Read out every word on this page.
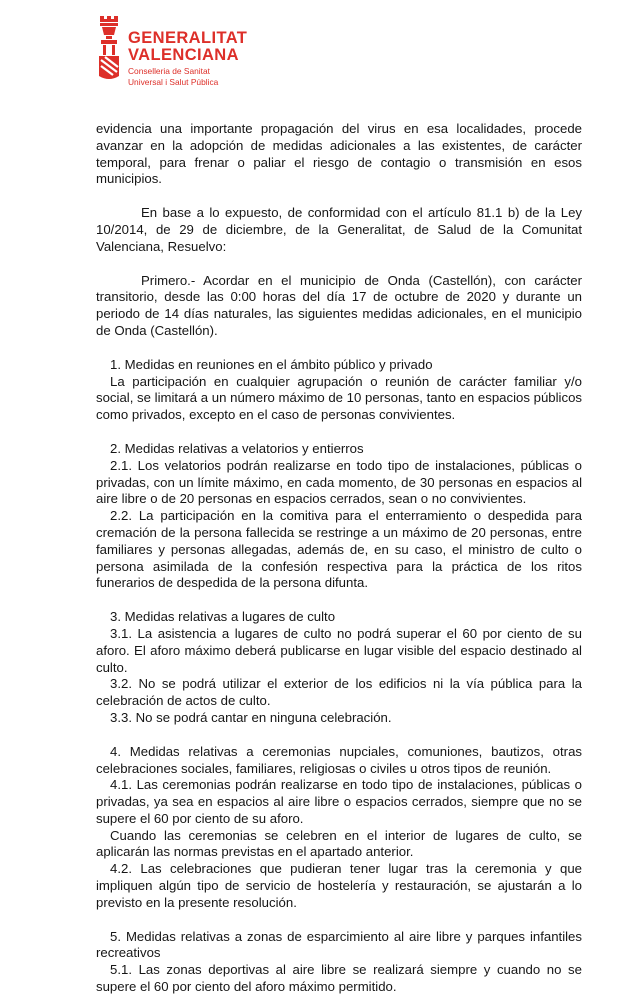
GENERALITAT
VALENCIANA
Conselleria de Sanitat
Universal i Salut Pública

evidencia una importante propagación del virus en esa localidades, procede avanzar en la adopción de medidas adicionales a las existentes, de carácter temporal, para frenar o paliar el riesgo de contagio o transmisión en esos municipios.

En base a lo expuesto, de conformidad con el artículo 81.1 b) de la Ley 10/2014, de 29 de diciembre, de la Generalitat, de Salud de la Comunitat Valenciana, Resuelvo:

Primero.- Acordar en el municipio de Onda (Castellón), con carácter transitorio, desde las 0:00 horas del día 17 de octubre de 2020 y durante un periodo de 14 días naturales, las siguientes medidas adicionales, en el municipio de Onda (Castellón).

1. Medidas en reuniones en el ámbito público y privado

La participación en cualquier agrupación o reunión de carácter familiar y/o social, se limitará a un número máximo de 10 personas, tanto en espacios públicos como privados, excepto en el caso de personas convivientes.

2. Medidas relativas a velatorios y entierros

2.1. Los velatorios podrán realizarse en todo tipo de instalaciones, públicas o privadas, con un límite máximo, en cada momento, de 30 personas en espacios al aire libre o de 20 personas en espacios cerrados, sean o no convivientes.

2.2. La participación en la comitiva para el enterramiento o despedida para cremación de la persona fallecida se restringe a un máximo de 20 personas, entre familiares y personas allegadas, además de, en su caso, el ministro de culto o persona asimilada de la confesión respectiva para la práctica de los ritos funerarios de despedida de la persona difunta.

3. Medidas relativas a lugares de culto

3.1. La asistencia a lugares de culto no podrá superar el 60 por ciento de su aforo. El aforo máximo deberá publicarse en lugar visible del espacio destinado al culto.

3.2. No se podrá utilizar el exterior de los edificios ni la vía pública para la celebración de actos de culto.

3.3. No se podrá cantar en ninguna celebración.

4. Medidas relativas a ceremonias nupciales, comuniones, bautizos, otras celebraciones sociales, familiares, religiosas o civiles u otros tipos de reunión.

4.1. Las ceremonias podrán realizarse en todo tipo de instalaciones, públicas o privadas, ya sea en espacios al aire libre o espacios cerrados, siempre que no se supere el 60 por ciento de su aforo.

Cuando las ceremonias se celebren en el interior de lugares de culto, se aplicarán las normas previstas en el apartado anterior.

4.2. Las celebraciones que pudieran tener lugar tras la ceremonia y que impliquen algún tipo de servicio de hostelería y restauración, se ajustarán a lo previsto en la presente resolución.

5. Medidas relativas a zonas de esparcimiento al aire libre y parques infantiles recreativos

5.1. Las zonas deportivas al aire libre se realizará siempre y cuando no se supere el 60 por ciento del aforo máximo permitido.
